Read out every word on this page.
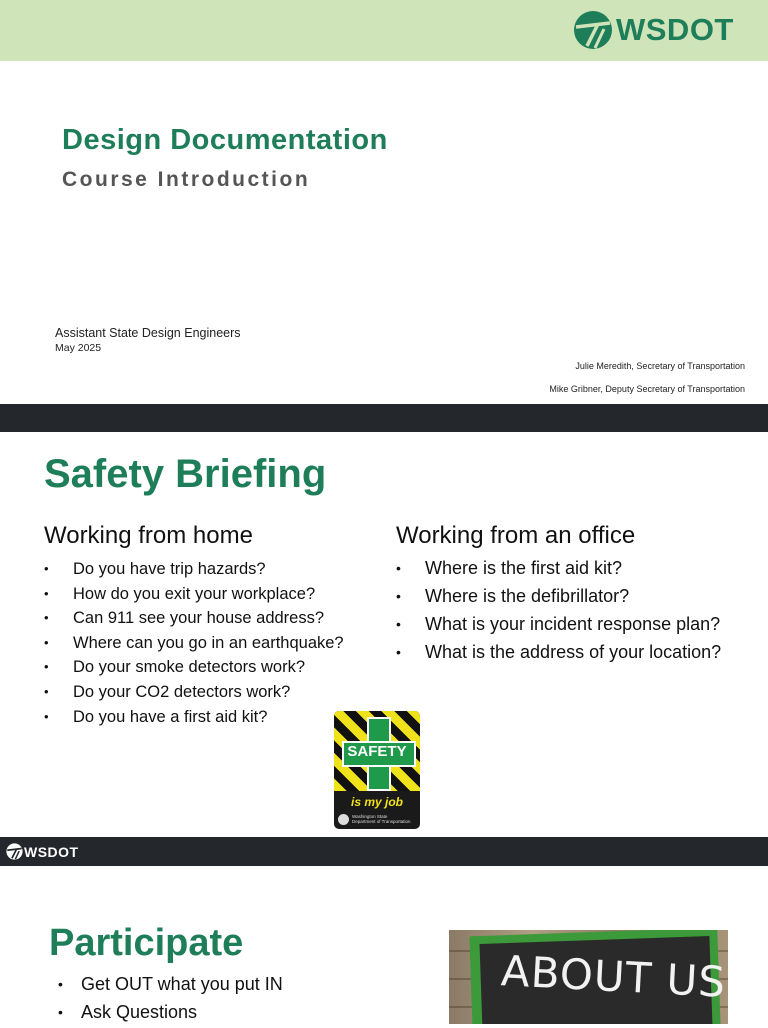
WSDOT
Design Documentation
Course Introduction
Assistant State Design Engineers
May 2025
Julie Meredith, Secretary of Transportation
Mike Gribner, Deputy Secretary of Transportation
Safety Briefing
Working from home
• Do you have trip hazards?
• How do you exit your workplace?
• Can 911 see your house address?
• Where can you go in an earthquake?
• Do your smoke detectors work?
• Do your CO2 detectors work?
• Do you have a first aid kit?
Working from an office
• Where is the first aid kit?
• Where is the defibrillator?
• What is your incident response plan?
• What is the address of your location?
SAFETY
is my job
Washington State
Department of Transportation
WSDOT
Participate
• Get OUT what you put IN
• Ask Questions
ABOUT US
